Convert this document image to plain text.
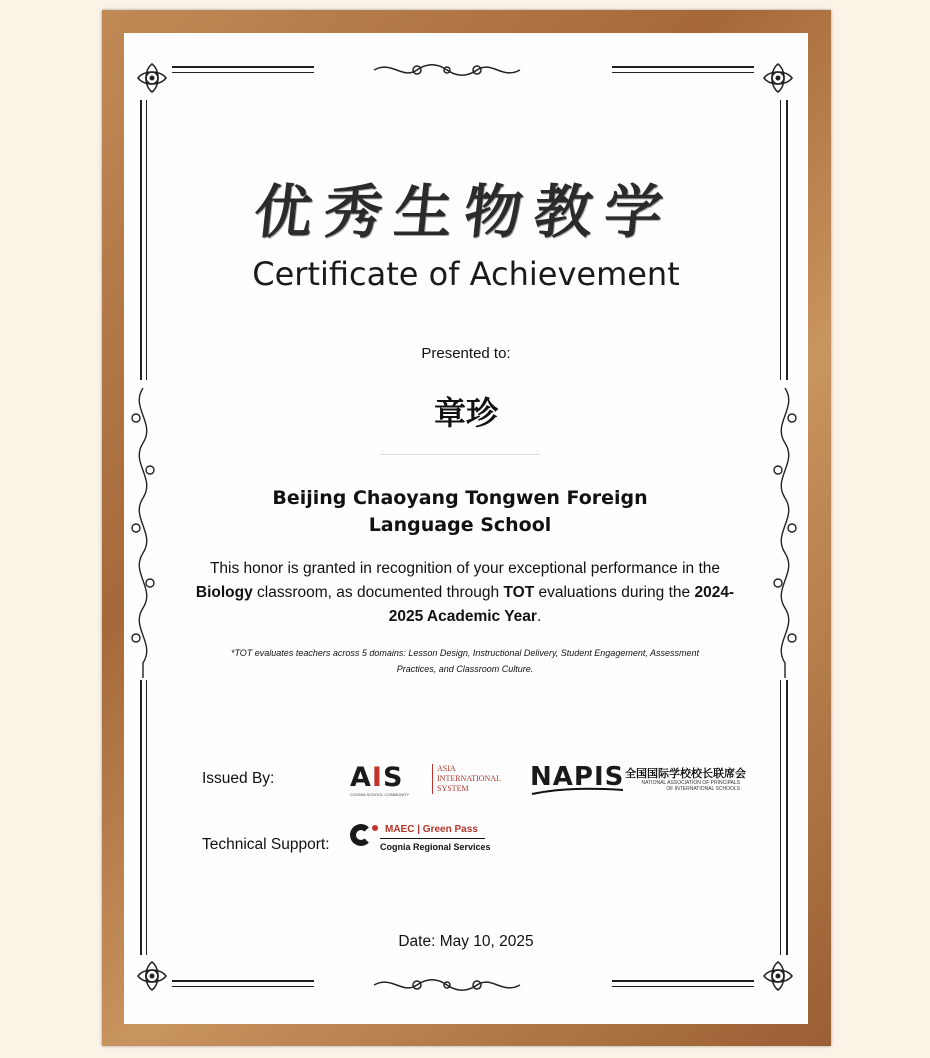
优秀生物教学
Certificate of Achievement
Presented to:
章珍
Beijing Chaoyang Tongwen Foreign
Language School
This honor is granted in recognition of your exceptional performance in the Biology classroom, as documented through TOT evaluations during the 2024-2025 Academic Year.
*TOT evaluates teachers across 5 domains: Lesson Design, Instructional Delivery, Student Engagement, Assessment
Practices, and Classroom Culture.
Issued By:
Technical Support:
AIS
COGNIA SCHOOL COMMUNITY
ASIA
INTERNATIONAL
SYSTEM	NAPIS 全国国际学校校长联席会
NATIONAL ASSOCIATION OF PRINCIPALS
OF INTERNATIONAL SCHOOLS
MAEC | Green Pass
Cognia Regional Services
Date: May 10, 2025
